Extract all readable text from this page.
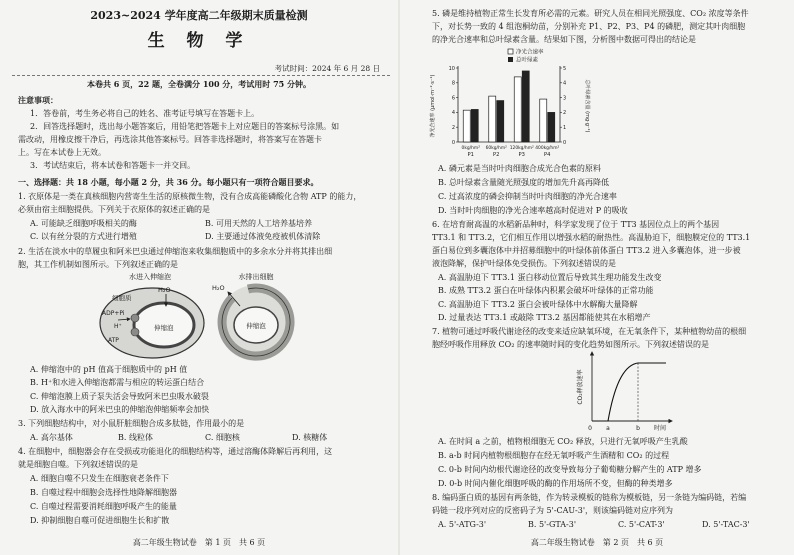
2023~2024 学年度高二年级期末质量检测
生 物 学
考试时间：2024 年 6 月 28 日
本卷共 6 页，22 题，全卷满分 100 分，考试用时 75 分钟。
注意事项：
1．答卷前，考生务必将自己的姓名、准考证号填写在答题卡上。
2．回答选择题时，选出每小题答案后，用铅笔把答题卡上对应题目的答案标号涂黑。如
需改动，用橡皮擦干净后，再选涂其他答案标号。回答非选择题时，将答案写在答题卡
上。写在本试卷上无效。
3．考试结束后，将本试卷和答题卡一并交回。
一、选择题：共 18 小题，每小题 2 分，共 36 分。每小题只有一项符合题目要求。
1. 衣原体是一类在真核细胞内营寄生生活的原核微生物，没有合成高能磷酸化合物 ATP 的能力，
必须由宿主细胞提供。下列关于衣原体的叙述正确的是
A. 可能缺乏细胞呼吸相关的酶	B. 可用天然的人工培养基培养
C. 以有丝分裂的方式进行增殖	D. 主要通过体液免疫被机体清除
2. 生活在淡水中的草履虫和阿米巴虫通过伸缩泡来收集细胞质中的多余水分并将其排出细
胞，其工作机制如图所示。下列叙述正确的是
水进入伸缩泡	水排出细胞
细胞质
H₂O
ADP+Pi
H⁺
ATP
伸缩泡
H₂O
伸缩泡
A. 伸缩泡中的 pH 值高于细胞质中的 pH 值
B. H⁺和水进入伸缩泡都需与相应的转运蛋白结合
C. 伸缩泡膜上质子泵失活会导致阿米巴虫吸水破裂
D. 放入海水中的阿米巴虫的伸缩泡伸缩频率会加快
3. 下列细胞结构中，对小鼠肝脏细胞合成多肽链，作用最小的是
A. 高尔基体	B. 线粒体	C. 细胞核	D. 核糖体
4. 在细胞中，细胞器会存在受损或功能退化的细胞结构等，通过溶酶体降解后再利用，这
就是细胞自噬。下列叙述错误的是
A. 细胞自噬不只发生在细胞衰老条件下
B. 自噬过程中细胞会选择性地降解细胞器
C. 自噬过程需要消耗细胞呼吸产生的能量
D. 抑制细胞自噬可促进细胞生长和扩散
高二年级生物试卷　第 1 页　共 6 页
5. 磷是维持植物正常生长发育所必需的元素。研究人员在相同光照强度、CO₂ 浓度等条件
下，对长势一致的 4 组泡桐幼苗，分别补充 P1、P2、P3、P4 的磷肥，测定其叶肉细胞
的净光合速率和总叶绿素含量。结果如下图，分析图中数据可得出的结论是
净光合速率 (μmol·m⁻²·s⁻¹)	总叶绿素含量 (mg·g⁻¹)
净光合速率
总叶绿素
0
2
4
6
8
10
0
1
2
3
4
5
0kg/hm²
P1
60kg/hm²
P2
120kg/hm²
P3
400kg/hm²
P4
A. 磷元素是当时叶肉细胞合成光合色素的原料
B. 总叶绿素含量随光照强度的增加先升高再降低
C. 过高浓度的磷会抑制当时叶肉细胞的净光合速率
D. 当时叶肉细胞的净光合速率越高时促进对 P 的吸收
6. 在培育耐高温的水稻新品种时，科学家发现了位于 TT3 基因位点上的两个基因
TT3.1 和 TT3.2，它们相互作用以增强水稻的耐热性。高温胁迫下，细胞膜定位的 TT3.1
蛋白易位到多囊泡体中并招募细胞中的叶绿体前体蛋白 TT3.2 进入多囊泡体，进一步被
液泡降解，保护叶绿体免受损伤。下列叙述错误的是
A. 高温胁迫下 TT3.1 蛋白移动位置后导致其生理功能发生改变
B. 成熟 TT3.2 蛋白在叶绿体内积累会破坏叶绿体的正常功能
C. 高温胁迫下 TT3.2 蛋白会被叶绿体中水解酶大量降解
D. 过量表达 TT3.1 或敲除 TT3.2 基因都能使其在水稻增产
7. 植物可通过呼吸代谢途径的改变来适应缺氧环境，在无氧条件下，某种植物幼苗的根细
胞经呼吸作用释放 CO₂ 的速率随时间的变化趋势如图所示。下列叙述错误的是
CO₂释放速率
0 a	b 时间
A. 在时间 a 之前，植物根细胞无 CO₂ 释放，只进行无氧呼吸产生乳酸
B. a-b 时间内植物根细胞存在经无氧呼吸产生酒精和 CO₂ 的过程
C. 0-b 时间内幼根代谢途径的改变导致每分子葡萄糖分解产生的 ATP 增多
D. 0-b 时间内催化细胞呼吸的酶的作用场所不变，但酶的种类增多
8. 编码蛋白质的基因有两条链，作为转录模板的链称为模板链，另一条链为编码链，若编
码链一段序列对应的反密码子为 5'-CAU-3'，则该编码链对应序列为
A. 5'-ATG-3'	B. 5'-GTA-3'	C. 5'-CAT-3'	D. 5'-TAC-3'
高二年级生物试卷　第 2 页　共 6 页
